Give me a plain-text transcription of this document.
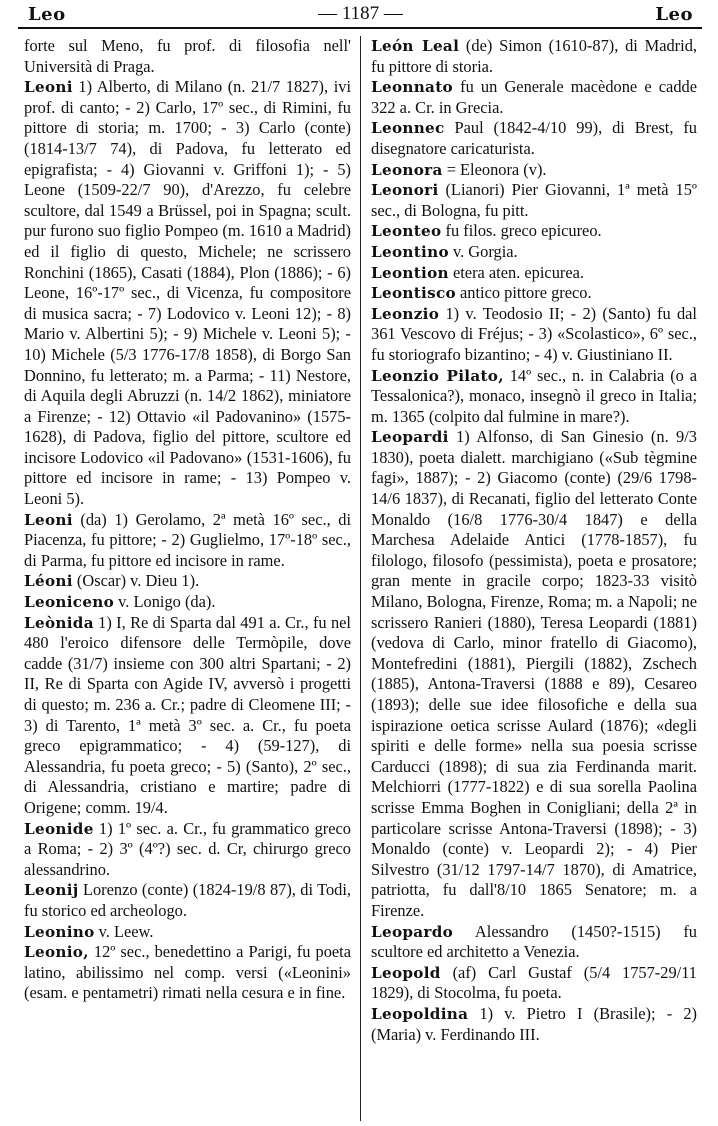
Leo	— 1187 —	Leo

forte sul Meno, fu prof. di filosofia nell' Università di Praga.

Leoni 1) Alberto, di Milano (n. 21/7 1827), ivi prof. di canto; - 2) Carlo, 17º sec., di Rimini, fu pittore di storia; m. 1700; - 3) Carlo (conte) (1814-13/7 74), di Padova, fu letterato ed epigrafista; - 4) Giovanni v. Griffoni 1); - 5) Leone (1509-22/7 90), d'Arezzo, fu celebre scultore, dal 1549 a Brüssel, poi in Spagna; scult. pur furono suo figlio Pompeo (m. 1610 a Madrid) ed il figlio di questo, Michele; ne scrissero Ronchini (1865), Casati (1884), Plon (1886); - 6) Leone, 16º-17º sec., di Vicenza, fu compositore di musica sacra; - 7) Lodovico v. Leoni 12); - 8) Mario v. Albertini 5); - 9) Michele v. Leoni 5); - 10) Michele (5/3 1776-17/8 1858), di Borgo San Donnino, fu letterato; m. a Parma; - 11) Nestore, di Aquila degli Abruzzi (n. 14/2 1862), miniatore a Firenze; - 12) Ottavio «il Padovanino» (1575-1628), di Padova, figlio del pittore, scultore ed incisore Lodovico «il Padovano» (1531-1606), fu pittore ed incisore in rame; - 13) Pompeo v. Leoni 5).

Leoni (da) 1) Gerolamo, 2ª metà 16º sec., di Piacenza, fu pittore; - 2) Guglielmo, 17º-18º sec., di Parma, fu pittore ed incisore in rame.

Léoni (Oscar) v. Dieu 1).

Leoniceno v. Lonigo (da).

Leònida 1) I, Re di Sparta dal 491 a. Cr., fu nel 480 l'eroico difensore delle Termòpile, dove cadde (31/7) insieme con 300 altri Spartani; - 2) II, Re di Sparta con Agide IV, avversò i progetti di questo; m. 236 a. Cr.; padre di Cleomene III; - 3) di Tarento, 1ª metà 3º sec. a. Cr., fu poeta greco epigrammatico; - 4) (59-127), di Alessandria, fu poeta greco; - 5) (Santo), 2º sec., di Alessandria, cristiano e martire; padre di Origene; comm. 19/4.

Leonide 1) 1º sec. a. Cr., fu grammatico greco a Roma; - 2) 3º (4º?) sec. d. Cr, chirurgo greco alessandrino.

Leonij Lorenzo (conte) (1824-19/8 87), di Todi, fu storico ed archeologo.

Leonino v. Leew.

Leonio, 12º sec., benedettino a Parigi, fu poeta latino, abilissimo nel comp. versi («Leonini» (esam. e pentametri) rimati nella cesura e in fine.

León Leal (de) Simon (1610-87), di Madrid, fu pittore di storia.

Leonnato fu un Generale macèdone e cadde 322 a. Cr. in Grecia.

Leonnec Paul (1842-4/10 99), di Brest, fu disegnatore caricaturista.

Leonora = Eleonora (v).

Leonori (Lianori) Pier Giovanni, 1ª metà 15º sec., di Bologna, fu pitt.

Leonteo fu filos. greco epicureo.

Leontino v. Gorgia.

Leontion etera aten. epicurea.

Leontisco antico pittore greco.

Leonzio 1) v. Teodosio II; - 2) (Santo) fu dal 361 Vescovo di Fréjus; - 3) «Scolastico», 6º sec., fu storiografo bizantino; - 4) v. Giustiniano II.

Leonzio Pilato, 14º sec., n. in Calabria (o a Tessalonica?), monaco, insegnò il greco in Italia; m. 1365 (colpito dal fulmine in mare?).

Leopardi 1) Alfonso, di San Ginesio (n. 9/3 1830), poeta dialett. marchigiano («Sub tègmine fagi», 1887); - 2) Giacomo (conte) (29/6 1798-14/6 1837), di Recanati, figlio del letterato Conte Monaldo (16/8 1776-30/4 1847) e della Marchesa Adelaide Antici (1778-1857), fu filologo, filosofo (pessimista), poeta e prosatore; gran mente in gracile corpo; 1823-33 visitò Milano, Bologna, Firenze, Roma; m. a Napoli; ne scrissero Ranieri (1880), Teresa Leopardi (1881) (vedova di Carlo, minor fratello di Giacomo), Montefredini (1881), Piergili (1882), Zschech (1885), Antona-Traversi (1888 e 89), Cesareo (1893); delle sue idee filosofiche e della sua ispirazione oetica scrisse Aulard (1876); «degli spiriti e delle forme» nella sua poesia scrisse Carducci (1898); di sua zia Ferdinanda marit. Melchiorri (1777-1822) e di sua sorella Paolina scrisse Emma Boghen in Conigliani; della 2ª in particolare scrisse Antona-Traversi (1898); - 3) Monaldo (conte) v. Leopardi 2); - 4) Pier Silvestro (31/12 1797-14/7 1870), di Amatrice, patriotta, fu dall'8/10 1865 Senatore; m. a Firenze.

Leopardo Alessandro (1450?-1515) fu scultore ed architetto a Venezia.

Leopold (af) Carl Gustaf (5/4 1757-29/11 1829), di Stocolma, fu poeta.

Leopoldina 1) v. Pietro I (Brasile); - 2) (Maria) v. Ferdinando III.
